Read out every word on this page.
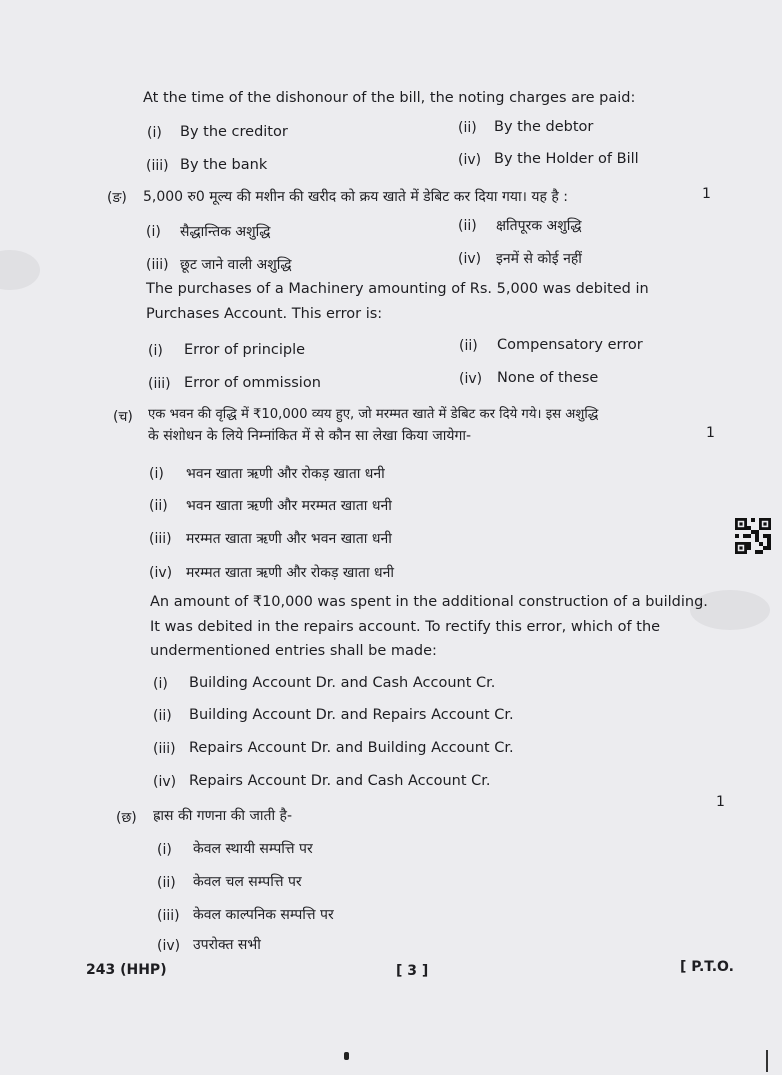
At the time of the dishonour of the bill, the noting charges are paid:
(i) By the creditor	(ii) By the debtor
(iii) By the bank	(iv) By the Holder of Bill
(ङ) 5,000 रु0 मूल्य की मशीन की खरीद को क्रय खाते में डेबिट कर दिया गया। यह है :	1
(i) सैद्धान्तिक अशुद्धि	(ii) क्षतिपूरक अशुद्धि
(iii) छूट जाने वाली अशुद्धि	(iv) इनमें से कोई नहीं
The purchases of a Machinery amounting of Rs. 5,000 was debited in
Purchases Account. This error is:
(i) Error of principle	(ii) Compensatory error
(iii) Error of ommission	(iv) None of these
(च) एक भवन की वृद्धि में ₹10,000 व्यय हुए, जो मरम्मत खाते में डेबिट कर दिये गये। इस अशुद्धि
के संशोधन के लिये निम्नांकित में से कौन सा लेखा किया जायेगा-	1
(i) भवन खाता ऋणी और रोकड़ खाता धनी
(ii) भवन खाता ऋणी और मरम्मत खाता धनी
(iii) मरम्मत खाता ऋणी और भवन खाता धनी
(iv) मरम्मत खाता ऋणी और रोकड़ खाता धनी
An amount of ₹10,000 was spent in the additional construction of a building.
It was debited in the repairs account. To rectify this error, which of the
undermentioned entries shall be made:
(i) Building Account Dr. and Cash Account Cr.
(ii) Building Account Dr. and Repairs Account Cr.
(iii) Repairs Account Dr. and Building Account Cr.
(iv) Repairs Account Dr. and Cash Account Cr.
(छ) ह्रास की गणना की जाती है-
1
(i) केवल स्थायी सम्पत्ति पर
(ii) केवल चल सम्पत्ति पर
(iii) केवल काल्पनिक सम्पत्ति पर
(iv) उपरोक्त सभी
243 (HHP)	[ 3 ]	[ P.T.O.
